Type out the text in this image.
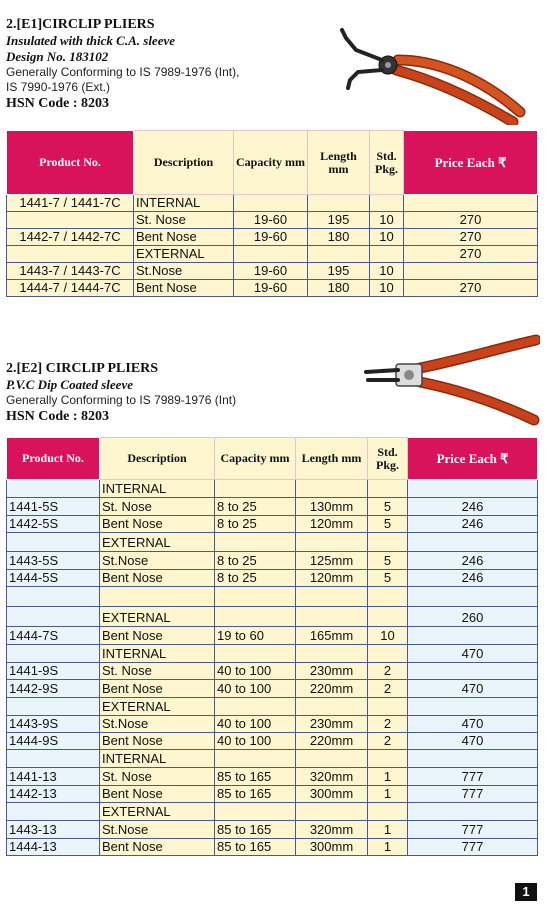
2.[E1]CIRCLIP PLIERS
Insulated with thick C.A. sleeve
Design No. 183102
Generally Conforming to IS 7989-1976 (Int),
IS 7990-1976 (Ext.)
HSN Code : 8203
Product No.	Description	Capacity mm	Length mm	Std. Pkg.	Price Each ₹
1441-7 / 1441-7C	INTERNAL				
	St. Nose	19-60	195	10	270
1442-7 / 1442-7C	Bent Nose	19-60	180	10	270
	EXTERNAL				270
1443-7 / 1443-7C	St.Nose	19-60	195	10	
1444-7 / 1444-7C	Bent Nose	19-60	180	10	270
2.[E2] CIRCLIP PLIERS
P.V.C Dip Coated sleeve
Generally Conforming to IS 7989-1976 (Int)
HSN Code : 8203
Product No.	Description	Capacity mm	Length mm	Std. Pkg.	Price Each ₹
	INTERNAL				
1441-5S	St. Nose	8 to 25	130mm	5	246
1442-5S	Bent Nose	8 to 25	120mm	5	246
	EXTERNAL				
1443-5S	St.Nose	8 to 25	125mm	5	246
1444-5S	Bent Nose	8 to 25	120mm	5	246

	EXTERNAL				260
1444-7S	Bent Nose	19 to 60	165mm	10	
	INTERNAL				470
1441-9S	St. Nose	40 to 100	230mm	2	
1442-9S	Bent Nose	40 to 100	220mm	2	470
	EXTERNAL				
1443-9S	St.Nose	40 to 100	230mm	2	470
1444-9S	Bent Nose	40 to 100	220mm	2	470
	INTERNAL				
1441-13	St. Nose	85 to 165	320mm	1	777
1442-13	Bent Nose	85 to 165	300mm	1	777
	EXTERNAL				
1443-13	St.Nose	85 to 165	320mm	1	777
1444-13	Bent Nose	85 to 165	300mm	1	777
1
